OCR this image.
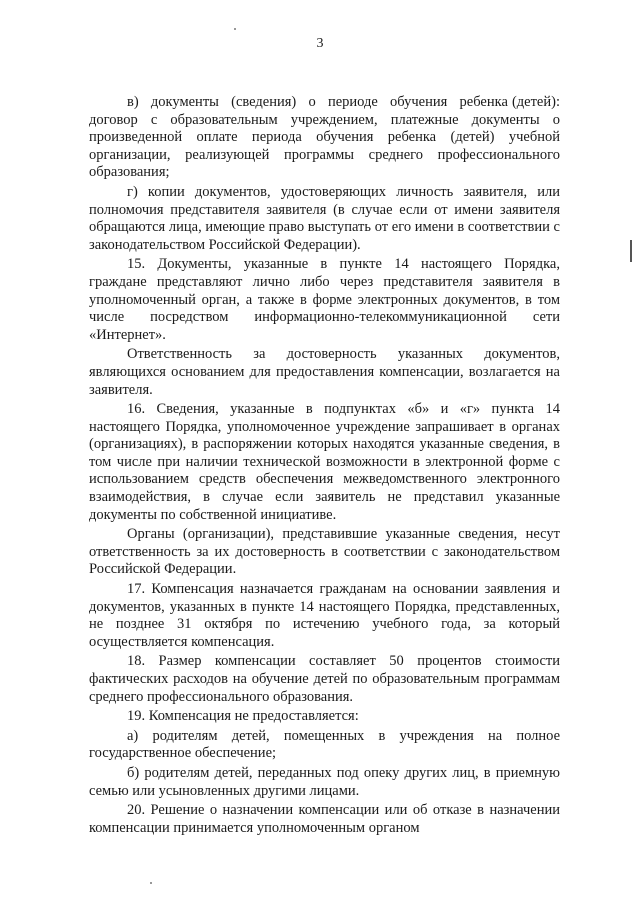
3

в)   документы   (сведения)   о   периоде   обучения   ребенка (детей): договор с образовательным учреждением, платежные документы о произведенной оплате периода обучения ребенка (детей) учебной организации, реализующей программы среднего профессионального образования;

г) копии документов, удостоверяющих личность заявителя, или полномочия представителя заявителя (в случае если от имени заявителя обращаются лица, имеющие право выступать от его имени в соответствии с законодательством Российской Федерации).

15. Документы, указанные в пункте 14 настоящего Порядка, граждане представляют лично либо через представителя заявителя в уполномоченный орган, а также в форме электронных документов, в том числе посредством информационно-телекоммуникационной сети «Интернет».

Ответственность за достоверность указанных документов, являющихся основанием для предоставления компенсации, возлагается на заявителя.

16. Сведения, указанные в подпунктах «б» и «г» пункта 14 настоящего Порядка, уполномоченное учреждение запрашивает в органах (организациях), в распоряжении которых находятся указанные сведения, в том числе при наличии технической возможности в электронной форме с использованием средств обеспечения межведомственного электронного взаимодействия, в случае если заявитель не представил указанные документы по собственной инициативе.

Органы (организации), представившие указанные сведения, несут ответственность за их достоверность в соответствии с законодательством Российской Федерации.

17. Компенсация назначается гражданам на основании заявления и документов, указанных в пункте 14 настоящего Порядка, представленных, не позднее 31 октября по истечению учебного года, за который осуществляется компенсация.

18. Размер компенсации составляет 50 процентов стоимости фактических расходов на обучение детей по образовательным программам среднего профессионального образования.

19. Компенсация не предоставляется:

а) родителям детей, помещенных в учреждения на полное государственное обеспечение;

б) родителям детей, переданных под опеку других лиц, в приемную семью или усыновленных другими лицами.

20. Решение о назначении компенсации или об отказе в назначении компенсации принимается уполномоченным органом
